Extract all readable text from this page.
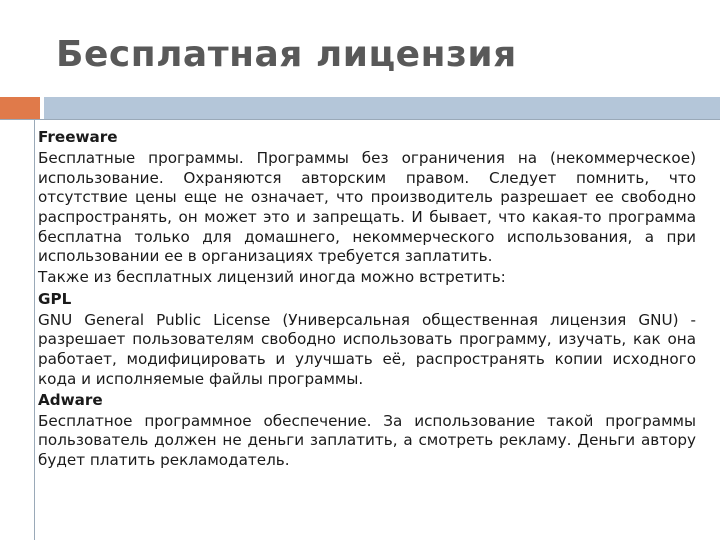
Бесплатная лицензия

Freeware

Бесплатные программы. Программы без ограничения на (некоммерческое) использование. Охраняются авторским правом. Следует помнить, что отсутствие цены еще не означает, что производитель разрешает ее свободно распространять, он может это и запрещать. И бывает, что какая-то программа бесплатна только для домашнего, некоммерческого использования, а при использовании ее в организациях требуется заплатить.

Также из бесплатных лицензий иногда можно встретить:

GPL

GNU General Public License (Универсальная общественная лицензия GNU) - разрешает пользователям свободно использовать программу, изучать, как она работает, модифицировать и улучшать её, распространять копии исходного кода и исполняемые файлы программы.

Adware

Бесплатное программное обеспечение. За использование такой программы пользователь должен не деньги заплатить, а смотреть рекламу. Деньги автору будет платить рекламодатель.
